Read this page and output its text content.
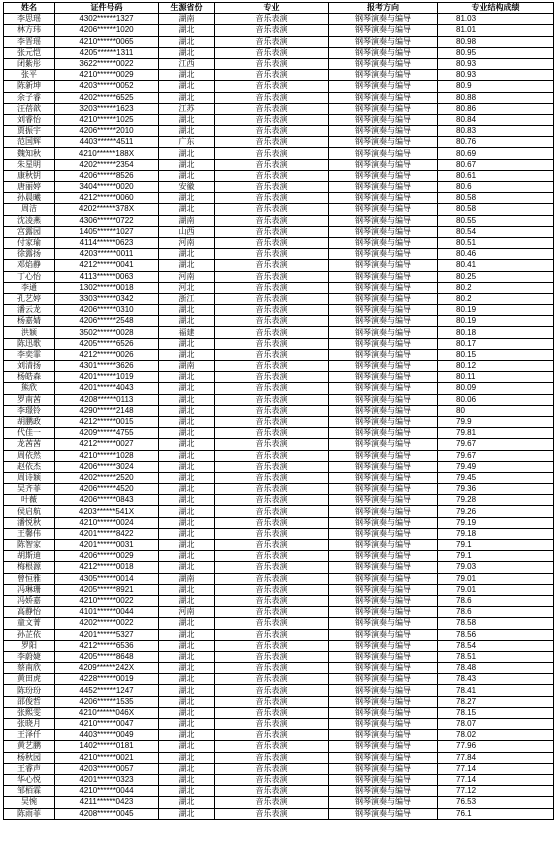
姓名	证件号码	生源省份	专业	报考方向	专业结构成绩
李思瑶	4302******1327	湖南	音乐表演	钢琴演奏与编导	81.03
林方玮	4206******1020	湖北	音乐表演	钢琴演奏与编导	81.01
李晋瑶	4210******0065	湖北	音乐表演	钢琴演奏与编导	80.98
张元恺	4205******1311	湖北	音乐表演	钢琴演奏与编导	80.95
闭紫彤	3622******0022	江西	音乐表演	钢琴演奏与编导	80.93
张平	4210******0029	湖北	音乐表演	钢琴演奏与编导	80.93
陈新坤	4203******0052	湖北	音乐表演	钢琴演奏与编导	80.9
余子睿	4202******6525	湖北	音乐表演	钢琴演奏与编导	80.88
汪蓓歆	3203******1623	江苏	音乐表演	钢琴演奏与编导	80.86
刘睿怡	4210******1025	湖北	音乐表演	钢琴演奏与编导	80.84
贾振宇	4206******2010	湖北	音乐表演	钢琴演奏与编导	80.83
范国辉	4403******4511	广东	音乐表演	钢琴演奏与编导	80.76
魏知秋	4210******188X	湖北	音乐表演	钢琴演奏与编导	80.69
朱星明	4202******2354	湖北	音乐表演	钢琴演奏与编导	80.67
康秋钥	4206******8526	湖北	音乐表演	钢琴演奏与编导	80.61
唐丽婷	3404******0020	安徽	音乐表演	钢琴演奏与编导	80.6
孙晨曦	4212******0060	湖北	音乐表演	钢琴演奏与编导	80.58
周洁	4202******378X	湖北	音乐表演	钢琴演奏与编导	80.58
沈凌燕	4306******0722	湖南	音乐表演	钢琴演奏与编导	80.55
宫露园	1405******1027	山西	音乐表演	钢琴演奏与编导	80.54
付家瑜	4114******0623	河南	音乐表演	钢琴演奏与编导	80.51
徐露扬	4203******0011	湖北	音乐表演	钢琴演奏与编导	80.46
邓焰静	4212******0041	湖北	音乐表演	钢琴演奏与编导	80.41
丁心怡	4113******0063	河南	音乐表演	钢琴演奏与编导	80.25
李通	1302******0018	河北	音乐表演	钢琴演奏与编导	80.2
孔艺婷	3303******0342	浙江	音乐表演	钢琴演奏与编导	80.2
潘云龙	4206******0310	湖北	音乐表演	钢琴演奏与编导	80.19
杨嘉婧	4206******2548	湖北	音乐表演	钢琴演奏与编导	80.19
洪颖	3502******0028	福建	音乐表演	钢琴演奏与编导	80.18
陈迅歌	4205******6526	湖北	音乐表演	钢琴演奏与编导	80.17
李奕霏	4212******0026	湖北	音乐表演	钢琴演奏与编导	80.15
刘清扬	4301******3626	湖南	音乐表演	钢琴演奏与编导	80.12
杨皓森	4201******1019	湖北	音乐表演	钢琴演奏与编导	80.11
熊欣	4201******4043	湖北	音乐表演	钢琴演奏与编导	80.09
罗南茜	4208******0113	湖北	音乐表演	钢琴演奏与编导	80.06
李璟铃	4290******2148	湖北	音乐表演	钢琴演奏与编导	80
胡鹏政	4212******0015	湖北	音乐表演	钢琴演奏与编导	79.9
代佳一	4209******4755	湖北	音乐表演	钢琴演奏与编导	79.81
龙茜茜	4212******0027	湖北	音乐表演	钢琴演奏与编导	79.67
周依然	4210******1028	湖北	音乐表演	钢琴演奏与编导	79.67
赵依杰	4206******3024	湖北	音乐表演	钢琴演奏与编导	79.49
周诗颖	4202******2520	湖北	音乐表演	钢琴演奏与编导	79.45
吴齐菲	4206******4520	湖北	音乐表演	钢琴演奏与编导	79.36
叶薇	4206******0843	湖北	音乐表演	钢琴演奏与编导	79.28
侯启航	4203******541X	湖北	音乐表演	钢琴演奏与编导	79.26
潘悦秋	4210******0024	湖北	音乐表演	钢琴演奏与编导	79.19
王馨伟	4201******8422	湖北	音乐表演	钢琴演奏与编导	79.18
陈智家	4201******0031	湖北	音乐表演	钢琴演奏与编导	79.1
胡斯迪	4206******0029	湖北	音乐表演	钢琴演奏与编导	79.1
梅根源	4212******0018	湖北	音乐表演	钢琴演奏与编导	79.03
曾恒雅	4305******0014	湖南	音乐表演	钢琴演奏与编导	79.01
冯琳珊	4205******8921	湖北	音乐表演	钢琴演奏与编导	79.01
冯娇嘉	4210******0022	湖北	音乐表演	钢琴演奏与编导	78.6
高静怡	4101******0044	河南	音乐表演	钢琴演奏与编导	78.6
童文菁	4202******0022	湖北	音乐表演	钢琴演奏与编导	78.58
孙芷依	4201******5327	湖北	音乐表演	钢琴演奏与编导	78.56
罗阳	4212******6536	湖北	音乐表演	钢琴演奏与编导	78.54
李蔚婕	4205******8648	湖北	音乐表演	钢琴演奏与编导	78.51
蔡南欣	4209******242X	湖北	音乐表演	钢琴演奏与编导	78.48
黄田虎	4228******0019	湖北	音乐表演	钢琴演奏与编导	78.43
陈玢玢	4452******1247	湖北	音乐表演	钢琴演奏与编导	78.41
邵俊哲	4206******1535	湖北	音乐表演	钢琴演奏与编导	78.27
张熙雯	4210******046X	湖北	音乐表演	钢琴演奏与编导	78.15
张晓月	4210******0047	湖北	音乐表演	钢琴演奏与编导	78.07
王泽仟	4403******0049	湖北	音乐表演	钢琴演奏与编导	78.02
黄艺鹏	1402******0181	湖北	音乐表演	钢琴演奏与编导	77.96
杨秋园	4210******0021	湖北	音乐表演	钢琴演奏与编导	77.84
王睿声	4203******0057	湖北	音乐表演	钢琴演奏与编导	77.14
华心悦	4201******0323	湖北	音乐表演	钢琴演奏与编导	77.14
邹栢霖	4210******0044	湖北	音乐表演	钢琴演奏与编导	77.12
吴惋	4211******0423	湖北	音乐表演	钢琴演奏与编导	76.53
陈雨菲	4208******0045	湖北	音乐表演	钢琴演奏与编导	76.1
